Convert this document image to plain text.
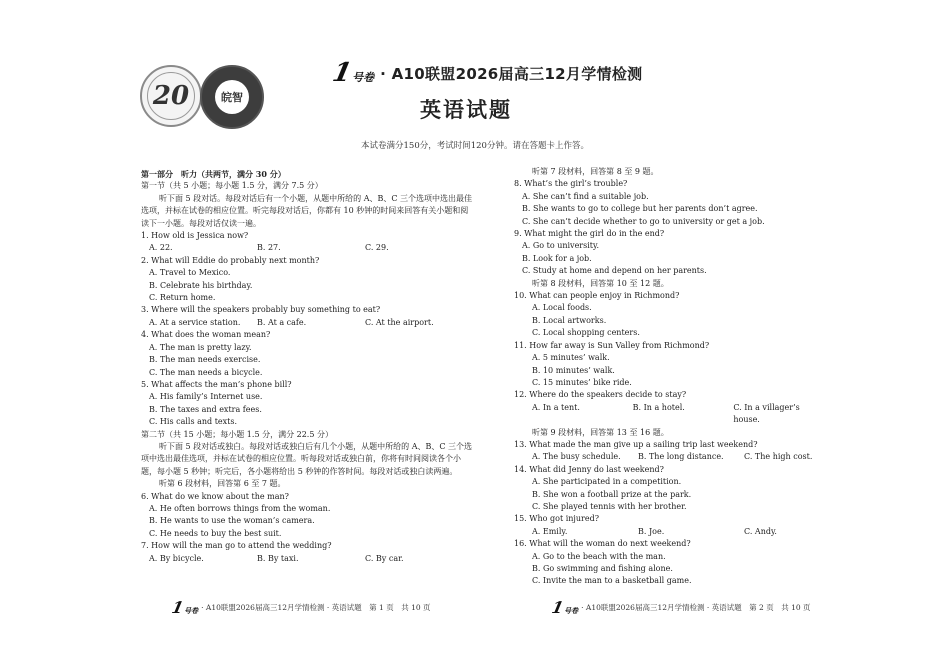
20	皖智
1号卷 · A10联盟2026届高三12月学情检测
英语试题
本试卷满分150分，考试时间120分钟。请在答题卡上作答。
第一部分　听力（共两节，满分 30 分）
第一节（共 5 小题；每小题 1.5 分，满分 7.5 分）
听下面 5 段对话。每段对话后有一个小题，从题中所给的 A、B、C 三个选项中选出最佳选项，并标在试卷的相应位置。听完每段对话后，你都有 10 秒钟的时间来回答有关小题和阅读下一小题。每段对话仅读一遍。
1. How old is Jessica now?
A. 22.	B. 27.	C. 29.
2. What will Eddie do probably next month?
A. Travel to Mexico.
B. Celebrate his birthday.
C. Return home.
3. Where will the speakers probably buy something to eat?
A. At a service station.	B. At a cafe.	C. At the airport.
4. What does the woman mean?
A. The man is pretty lazy.
B. The man needs exercise.
C. The man needs a bicycle.
5. What affects the man’s phone bill?
A. His family’s Internet use.
B. The taxes and extra fees.
C. His calls and texts.
第二节（共 15 小题；每小题 1.5 分，满分 22.5 分）
听下面 5 段对话或独白。每段对话或独白后有几个小题，从题中所给的 A、B、C 三个选项中选出最佳选项，并标在试卷的相应位置。听每段对话或独白前，你将有时间阅读各个小题，每小题 5 秒钟；听完后，各小题将给出 5 秒钟的作答时间。每段对话或独白读两遍。
听第 6 段材料，回答第 6 至 7 题。
6. What do we know about the man?
A. He often borrows things from the woman.
B. He wants to use the woman’s camera.
C. He needs to buy the best suit.
7. How will the man go to attend the wedding?
A. By bicycle.	B. By taxi.	C. By car.
听第 7 段材料，回答第 8 至 9 题。
8. What’s the girl’s trouble?
A. She can’t find a suitable job.
B. She wants to go to college but her parents don’t agree.
C. She can’t decide whether to go to university or get a job.
9. What might the girl do in the end?
A. Go to university.
B. Look for a job.
C. Study at home and depend on her parents.
听第 8 段材料，回答第 10 至 12 题。
10. What can people enjoy in Richmond?
A. Local foods.
B. Local artworks.
C. Local shopping centers.
11. How far away is Sun Valley from Richmond?
A. 5 minutes’ walk.
B. 10 minutes’ walk.
C. 15 minutes’ bike ride.
12. Where do the speakers decide to stay?
A. In a tent.	B. In a hotel.	C. In a villager’s house.
听第 9 段材料，回答第 13 至 16 题。
13. What made the man give up a sailing trip last weekend?
A. The busy schedule.	B. The long distance.	C. The high cost.
14. What did Jenny do last weekend?
A. She participated in a competition.
B. She won a football prize at the park.
C. She played tennis with her brother.
15. Who got injured?
A. Emily.	B. Joe.	C. Andy.
16. What will the woman do next weekend?
A. Go to the beach with the man.
B. Go swimming and fishing alone.
C. Invite the man to a basketball game.
1号卷 · A10联盟2026届高三12月学情检测 · 英语试题　第 1 页　共 10 页	1号卷 · A10联盟2026届高三12月学情检测 · 英语试题　第 2 页　共 10 页
